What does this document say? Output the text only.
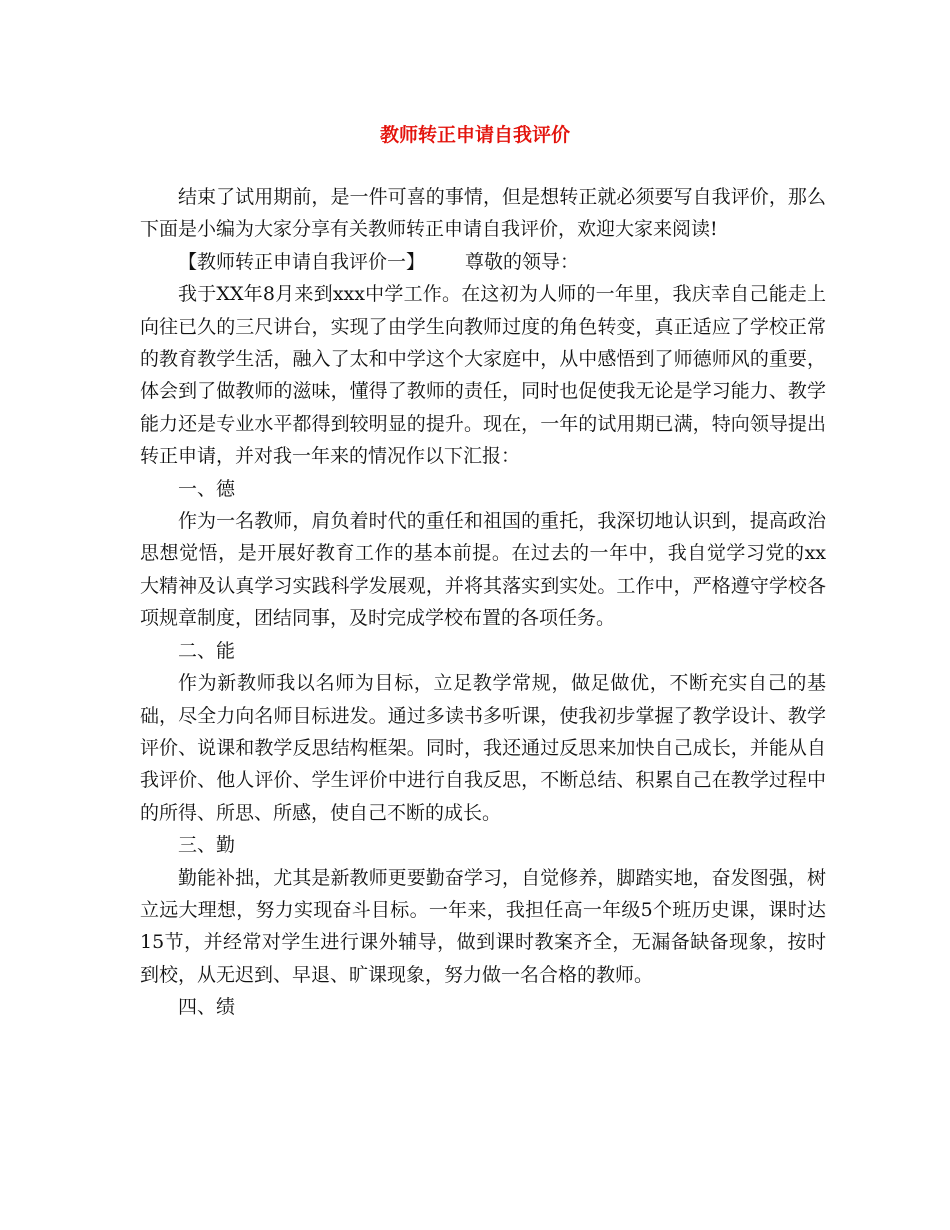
教师转正申请自我评价

结束了试用期前，是一件可喜的事情，但是想转正就必须要写自我评价，那么下面是小编为大家分享有关教师转正申请自我评价，欢迎大家来阅读!

【教师转正申请自我评价一】 尊敬的领导：

我于XX年8月来到xxx中学工作。在这初为人师的一年里，我庆幸自己能走上向往已久的三尺讲台，实现了由学生向教师过度的角色转变，真正适应了学校正常的教育教学生活，融入了太和中学这个大家庭中，从中感悟到了师德师风的重要，体会到了做教师的滋味，懂得了教师的责任，同时也促使我无论是学习能力、教学能力还是专业水平都得到较明显的提升。现在，一年的试用期已满，特向领导提出转正申请，并对我一年来的情况作以下汇报：

一、德

作为一名教师，肩负着时代的重任和祖国的重托，我深切地认识到，提高政治思想觉悟，是开展好教育工作的基本前提。在过去的一年中，我自觉学习党的xx大精神及认真学习实践科学发展观，并将其落实到实处。工作中，严格遵守学校各项规章制度，团结同事，及时完成学校布置的各项任务。

二、能

作为新教师我以名师为目标，立足教学常规，做足做优，不断充实自己的基础，尽全力向名师目标进发。通过多读书多听课，使我初步掌握了教学设计、教学评价、说课和教学反思结构框架。同时，我还通过反思来加快自己成长，并能从自我评价、他人评价、学生评价中进行自我反思，不断总结、积累自己在教学过程中的所得、所思、所感，使自己不断的成长。

三、勤

勤能补拙，尤其是新教师更要勤奋学习，自觉修养，脚踏实地，奋发图强，树立远大理想，努力实现奋斗目标。一年来，我担任高一年级5个班历史课，课时达15节，并经常对学生进行课外辅导，做到课时教案齐全，无漏备缺备现象，按时到校，从无迟到、早退、旷课现象，努力做一名合格的教师。

四、绩
